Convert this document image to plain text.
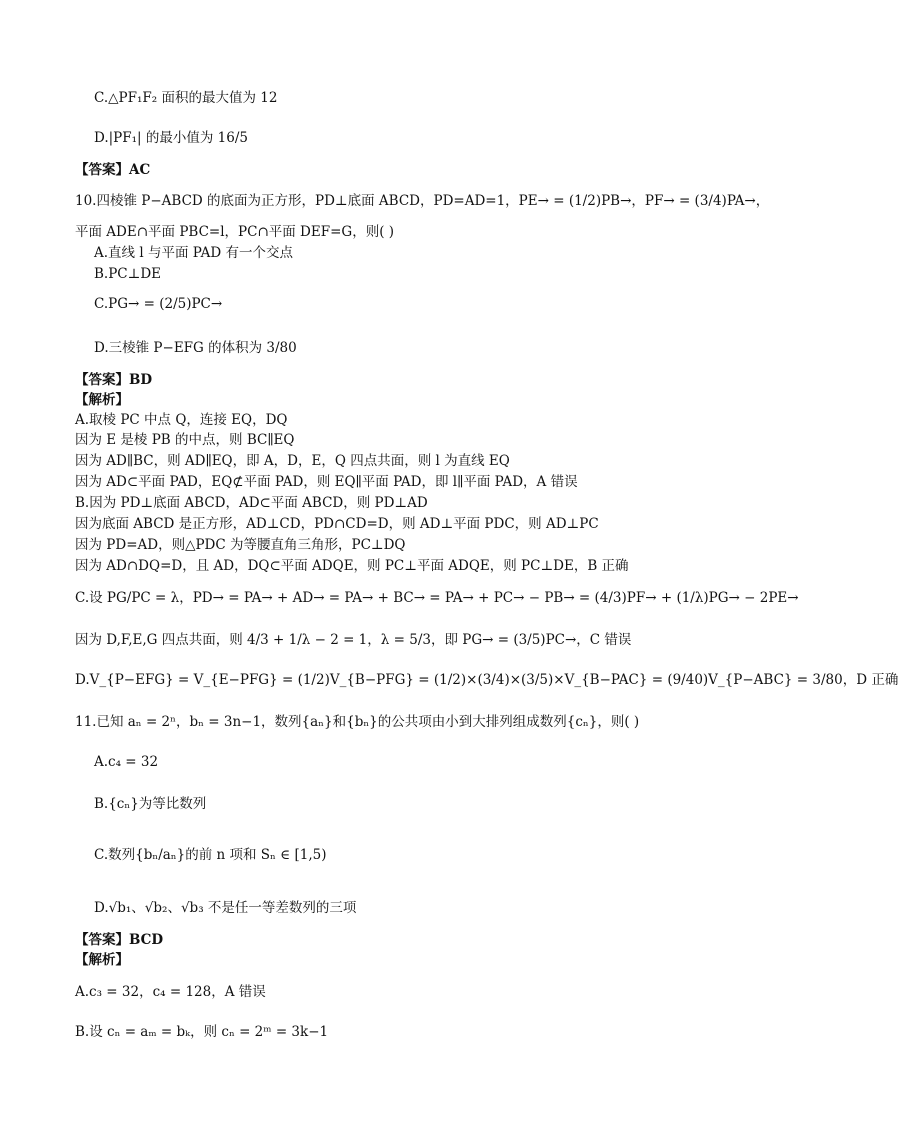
C.△PF₁F₂ 面积的最大值为 12
D.|PF₁| 的最小值为 16/5
【答案】AC
10.四棱锥 P−ABCD 的底面为正方形，PD⊥底面 ABCD，PD=AD=1，PE→ = (1/2)PB→，PF→ = (3/4)PA→，
平面 ADE∩平面 PBC=l，PC∩平面 DEF=G，则( )
A.直线 l 与平面 PAD 有一个交点
B.PC⊥DE
C.PG→ = (2/5)PC→
D.三棱锥 P−EFG 的体积为 3/80
【答案】BD
【解析】
A.取棱 PC 中点 Q，连接 EQ，DQ
因为 E 是棱 PB 的中点，则 BC∥EQ
因为 AD∥BC，则 AD∥EQ，即 A，D，E，Q 四点共面，则 l 为直线 EQ
因为 AD⊂平面 PAD，EQ⊄平面 PAD，则 EQ∥平面 PAD，即 l∥平面 PAD，A 错误
B.因为 PD⊥底面 ABCD，AD⊂平面 ABCD，则 PD⊥AD
因为底面 ABCD 是正方形，AD⊥CD，PD∩CD=D，则 AD⊥平面 PDC，则 AD⊥PC
因为 PD=AD，则△PDC 为等腰直角三角形，PC⊥DQ
因为 AD∩DQ=D，且 AD，DQ⊂平面 ADQE，则 PC⊥平面 ADQE，则 PC⊥DE，B 正确
C.设 PG/PC = λ，PD→ = PA→ + AD→ = PA→ + BC→ = PA→ + PC→ − PB→ = (4/3)PF→ + (1/λ)PG→ − 2PE→
因为 D,F,E,G 四点共面，则 4/3 + 1/λ − 2 = 1，λ = 5/3，即 PG→ = (3/5)PC→，C 错误
D.V_{P−EFG} = V_{E−PFG} = (1/2)V_{B−PFG} = (1/2)×(3/4)×(3/5)×V_{B−PAC} = (9/40)V_{P−ABC} = 3/80，D 正确
11.已知 aₙ = 2ⁿ，bₙ = 3n−1，数列{aₙ}和{bₙ}的公共项由小到大排列组成数列{cₙ}，则( )
A.c₄ = 32
B.{cₙ}为等比数列
C.数列{bₙ/aₙ}的前 n 项和 Sₙ ∈ [1,5)
D.√b₁、√b₂、√b₃ 不是任一等差数列的三项
【答案】BCD
【解析】
A.c₃ = 32，c₄ = 128，A 错误
B.设 cₙ = aₘ = bₖ，则 cₙ = 2ᵐ = 3k−1
